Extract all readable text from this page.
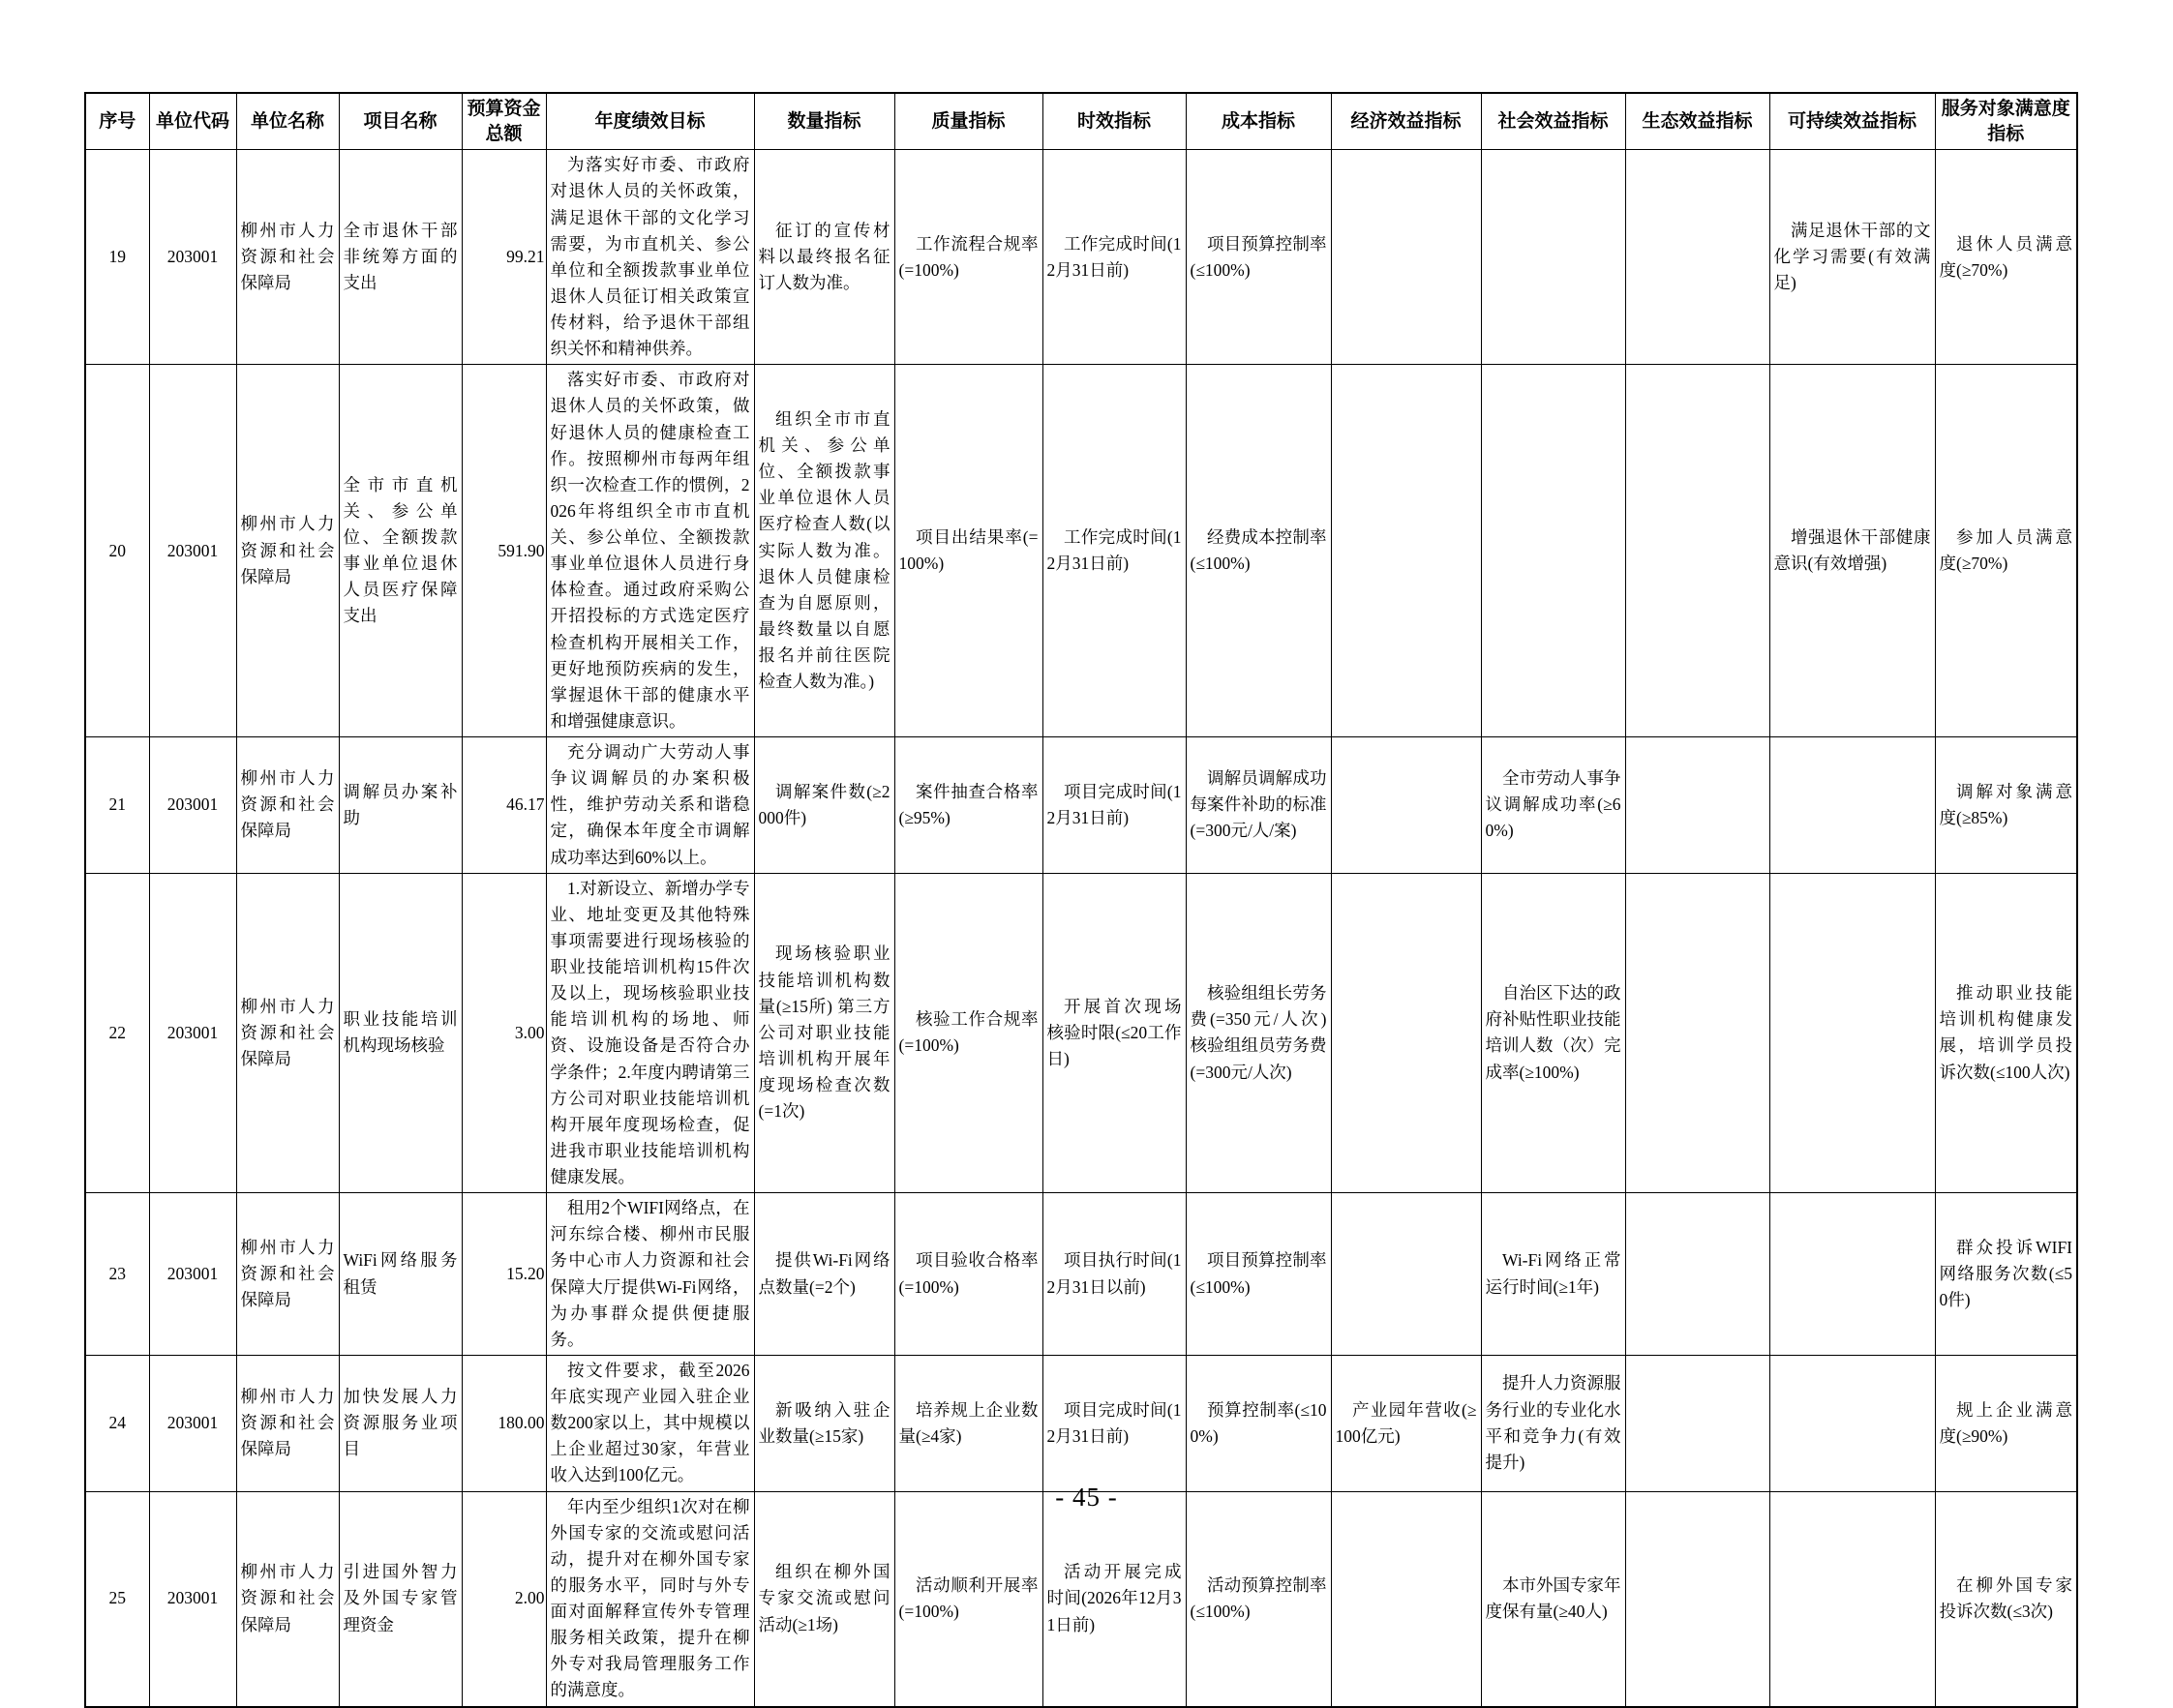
序号	单位代码	单位名称	项目名称	预算资金总额	年度绩效目标	数量指标	质量指标	时效指标	成本指标	经济效益指标	社会效益指标	生态效益指标	可持续效益指标	服务对象满意度指标
19	203001	柳州市人力资源和社会保障局	全市退休干部非统筹方面的支出	99.21	为落实好市委、市政府对退休人员的关怀政策，满足退休干部的文化学习需要，为市直机关、参公单位和全额拨款事业单位退休人员征订相关政策宣传材料，给予退休干部组织关怀和精神供养。	征订的宣传材料以最终报名征订人数为准。	工作流程合规率(=100%)	工作完成时间(12月31日前)	项目预算控制率(≤100%)				满足退休干部的文化学习需要(有效满足)	退休人员满意度(≥70%)
20	203001	柳州市人力资源和社会保障局	全市市直机关、参公单位、全额拨款事业单位退休人员医疗保障支出	591.90	落实好市委、市政府对退休人员的关怀政策，做好退休人员的健康检查工作。按照柳州市每两年组织一次检查工作的惯例，2026年将组织全市市直机关、参公单位、全额拨款事业单位退休人员进行身体检查。通过政府采购公开招投标的方式选定医疗检查机构开展相关工作，更好地预防疾病的发生，掌握退休干部的健康水平和增强健康意识。	组织全市市直机关、参公单位、全额拨款事业单位退休人员医疗检查人数(以实际人数为准。退休人员健康检查为自愿原则，最终数量以自愿报名并前往医院检查人数为准。)	项目出结果率(=100%)	工作完成时间(12月31日前)	经费成本控制率(≤100%)				增强退休干部健康意识(有效增强)	参加人员满意度(≥70%)
21	203001	柳州市人力资源和社会保障局	调解员办案补助	46.17	充分调动广大劳动人事争议调解员的办案积极性，维护劳动关系和谐稳定，确保本年度全市调解成功率达到60%以上。	调解案件数(≥2000件)	案件抽查合格率(≥95%)	项目完成时间(12月31日前)	调解员调解成功每案件补助的标准(=300元/人/案)		全市劳动人事争议调解成功率(≥60%)			调解对象满意度(≥85%)
22	203001	柳州市人力资源和社会保障局	职业技能培训机构现场核验	3.00	1.对新设立、新增办学专业、地址变更及其他特殊事项需要进行现场核验的职业技能培训机构15件次及以上，现场核验职业技能培训机构的场地、师资、设施设备是否符合办学条件；2.年度内聘请第三方公司对职业技能培训机构开展年度现场检查，促进我市职业技能培训机构健康发展。	现场核验职业技能培训机构数量(≥15所) 第三方公司对职业技能培训机构开展年度现场检查次数(=1次)	核验工作合规率(=100%)	开展首次现场核验时限(≤20工作日)	核验组组长劳务费(=350元/人次) 核验组组员劳务费(=300元/人次)		自治区下达的政府补贴性职业技能培训人数（次）完成率(≥100%)			推动职业技能培训机构健康发展，培训学员投诉次数(≤100人次)
23	203001	柳州市人力资源和社会保障局	WiFi网络服务租赁	15.20	租用2个WIFI网络点，在河东综合楼、柳州市民服务中心市人力资源和社会保障大厅提供Wi-Fi网络，为办事群众提供便捷服务。	提供Wi-Fi网络点数量(=2个)	项目验收合格率(=100%)	项目执行时间(12月31日以前)	项目预算控制率(≤100%)		Wi-Fi网络正常运行时间(≥1年)			群众投诉WIFI网络服务次数(≤50件)
24	203001	柳州市人力资源和社会保障局	加快发展人力资源服务业项目	180.00	按文件要求，截至2026年底实现产业园入驻企业数200家以上，其中规模以上企业超过30家，年营业收入达到100亿元。	新吸纳入驻企业数量(≥15家)	培养规上企业数量(≥4家)	项目完成时间(12月31日前)	预算控制率(≤100%)	产业园年营收(≥100亿元)	提升人力资源服务行业的专业化水平和竞争力(有效提升)			规上企业满意度(≥90%)
25	203001	柳州市人力资源和社会保障局	引进国外智力及外国专家管理资金	2.00	年内至少组织1次对在柳外国专家的交流或慰问活动，提升对在柳外国专家的服务水平，同时与外专面对面解释宣传外专管理服务相关政策，提升在柳外专对我局管理服务工作的满意度。	组织在柳外国专家交流或慰问活动(≥1场)	活动顺利开展率(=100%)	活动开展完成时间(2026年12月31日前)	活动预算控制率(≤100%)		本市外国专家年度保有量(≥40人)			在柳外国专家投诉次数(≤3次)
- 45 -
